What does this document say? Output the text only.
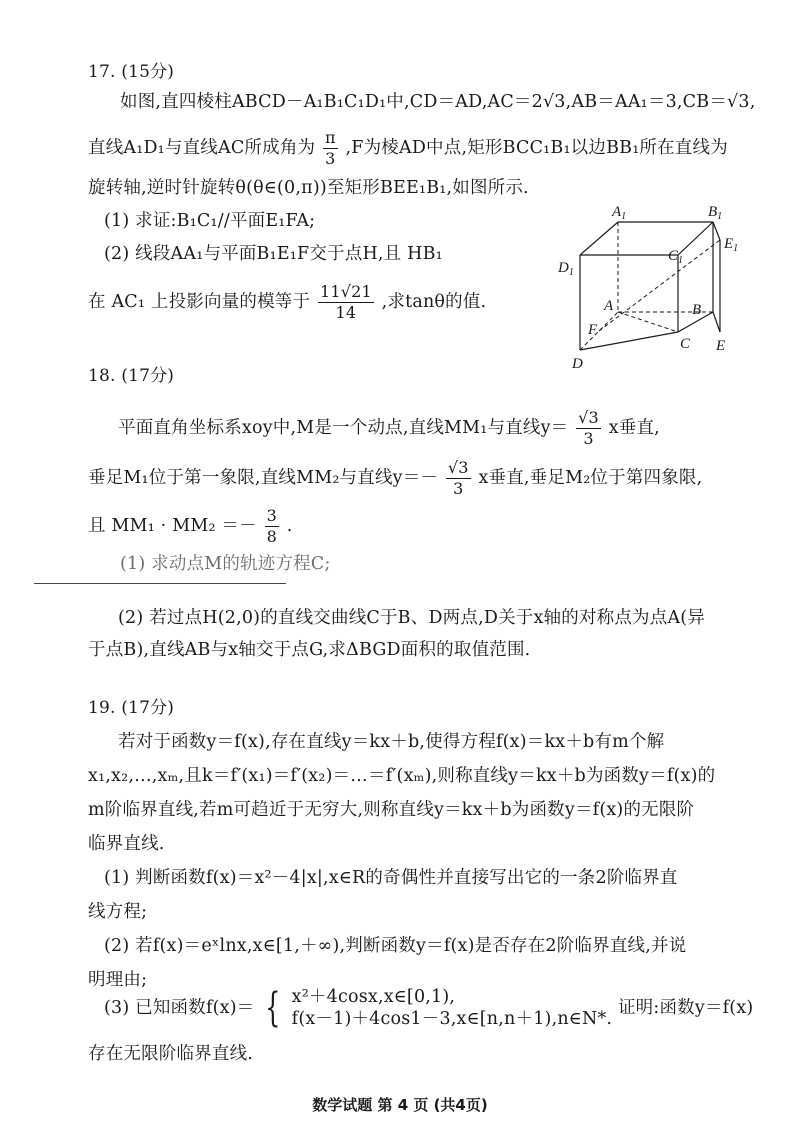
17. (15分)
如图,直四棱柱ABCD－A₁B₁C₁D₁中,CD＝AD,AC＝2√3,AB＝AA₁＝3,CB＝√3,
直线A₁D₁与直线AC所成角为 $\frac{\pi}{3} ,F$为棱AD中点,矩形BCC₁B₁以边BB₁所在直线为
旋转轴,逆时针旋转θ(θ∈(0,π))至矩形BEE₁B₁,如图所示.
(1) 求证:B₁C₁//平面E₁FA;
(2) 线段AA₁与平面B₁E₁F交于点H,且 HB₁
在 AC₁ 上投影向量的模等于 $\frac{11√21}{14}$ ,求tanθ的值.
$A_1$	$B_1$
$C_1$
$D_1$
$E_1$
A	B
C
D
E
F
18. (17分)
平面直角坐标系xoy中,M是一个动点,直线MM₁与直线$y= \frac{√3}{3}$ x垂直,
垂足M₁位于第一象限,直线MM₂与直线$y=- \frac{√3}{3}$ x垂直,垂足M₂位于第四象限,
且 $MM_1 \cdot MM_2 =- \frac{3}{8}$ .
(1) 求动点M的轨迹方程C;
(2) 若过点H(2,0)的直线交曲线C于B、D两点,D关于x轴的对称点为点A(异
于点B),直线AB与x轴交于点G,求ΔBGD面积的取值范围.
19. (17分)
若对于函数y＝f(x),存在直线y＝kx＋b,使得方程f(x)＝kx＋b有m个解
x₁,x₂,…,xₘ,且k＝f′(x₁)＝f′(x₂)＝…＝f′(xₘ),则称直线y＝kx＋b为函数y＝f(x)的
m阶临界直线,若m可趋近于无穷大,则称直线y＝kx＋b为函数y＝f(x)的无限阶
临界直线.
(1) 判断函数f(x)＝x²－4|x|,x∈R的奇偶性并直接写出它的一条2阶临界直
线方程;
(2) 若f(x)＝eˣlnx,x∈[1,＋∞),判断函数y＝f(x)是否存在2阶临界直线,并说
明理由;
(3) 已知函数f(x)＝ { x²＋4cosx,x∈[0,1),
f(x－1)＋4cos1－3,x∈[n,n＋1),n∈N*.
证明:函数y＝f(x)
存在无限阶临界直线.
数学试题 第 4 页 (共4页)
